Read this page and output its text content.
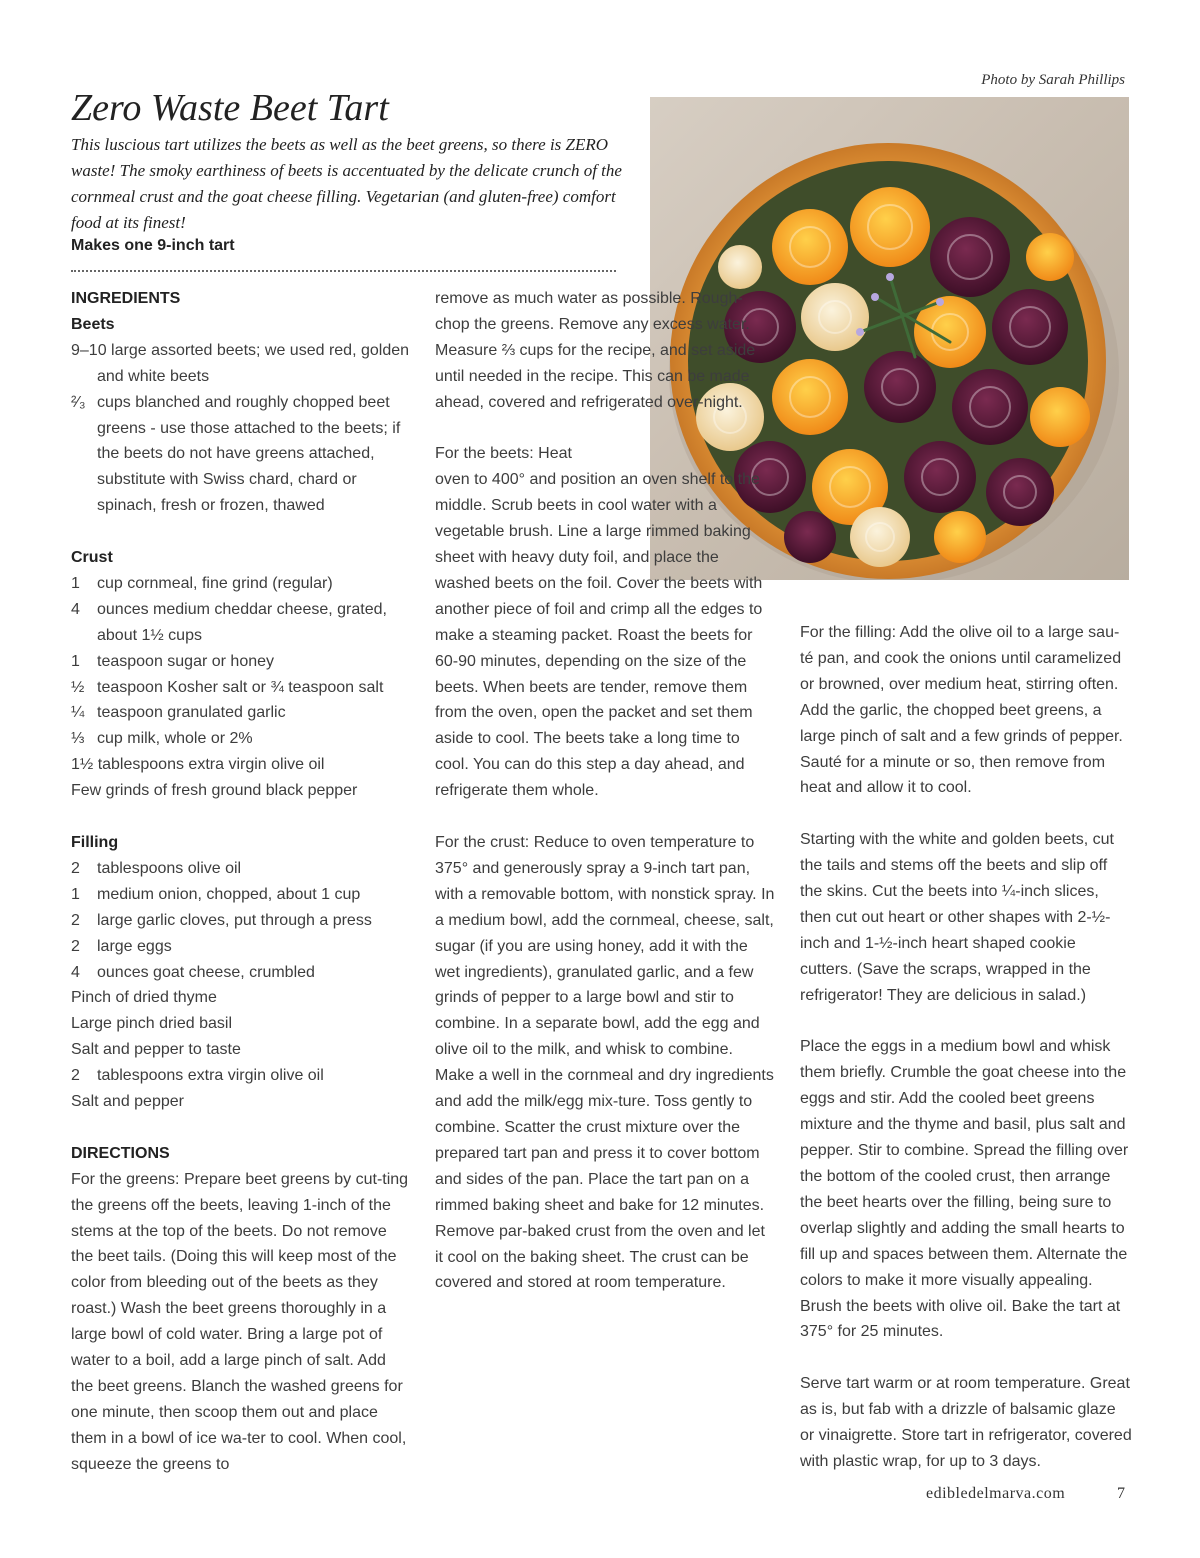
Photo by Sarah Phillips
Zero Waste Beet Tart

This luscious tart utilizes the beets as well as the beet greens, so there is ZERO waste! The smoky earthiness of beets is accentuated by the delicate crunch of the cornmeal crust and the goat cheese filling. Vegetarian (and gluten-free) comfort food at its finest!

Makes one 9-inch tart

INGREDIENTS

Beets

9–10 large assorted beets; we used red, golden and white beets

²⁄₃ cups blanched and roughly chopped beet greens - use those attached to the beets; if the beets do not have greens attached, substitute with Swiss chard, chard or spinach, fresh or frozen, thawed

Crust

1	cup cornmeal, fine grind (regular)
4	ounces medium cheddar cheese, grated, about 1½ cups
1	teaspoon sugar or honey
½ teaspoon Kosher salt or ¾ teaspoon salt
¼ teaspoon granulated garlic
⅓ cup milk, whole or 2%

1½ tablespoons extra virgin olive oil

Few grinds of fresh ground black pepper

Filling

2	tablespoons olive oil
1	medium onion, chopped, about 1 cup
2	large garlic cloves, put through a press
2	large eggs
4	ounces goat cheese, crumbled

Pinch of dried thyme

Large pinch dried basil

Salt and pepper to taste

2	tablespoons extra virgin olive oil

Salt and pepper

DIRECTIONS

For the greens: Prepare beet greens by cut-ting the greens off the beets, leaving 1-inch of the stems at the top of the beets. Do not remove the beet tails. (Doing this will keep most of the color from bleeding out of the beets as they roast.) Wash the beet greens thoroughly in a large bowl of cold water. Bring a large pot of water to a boil, add a large pinch of salt. Add the beet greens. Blanch the washed greens for one minute, then scoop them out and place them in a bowl of ice wa-ter to cool. When cool, squeeze the greens to

remove as much water as possible. Rough-chop the greens. Remove any excess water. Measure ⅔ cups for the recipe, and set aside until needed in the recipe. This can be made ahead, covered and refrigerated over-night.

For the beets: Heat

oven to 400° and position an oven shelf to the middle. Scrub beets in cool water with a vegetable brush. Line a large rimmed baking sheet with heavy duty foil, and place the washed beets on the foil. Cover the beets with another piece of foil and crimp all the edges to make a steaming packet. Roast the beets for 60-90 minutes, depending on the size of the beets. When beets are tender, remove them from the oven, open the packet and set them aside to cool. The beets take a long time to cool. You can do this step a day ahead, and refrigerate them whole.

For the crust: Reduce to oven temperature to 375° and generously spray a 9-inch tart pan, with a removable bottom, with nonstick spray. In a medium bowl, add the cornmeal, cheese, salt, sugar (if you are using honey, add it with the wet ingredients), granulated garlic, and a few grinds of pepper to a large bowl and stir to combine. In a separate bowl, add the egg and olive oil to the milk, and whisk to combine. Make a well in the cornmeal and dry ingredients and add the milk/egg mix-ture. Toss gently to combine. Scatter the crust mixture over the prepared tart pan and press it to cover bottom and sides of the pan. Place the tart pan on a rimmed baking sheet and bake for 12 minutes. Remove par-baked crust from the oven and let it cool on the baking sheet. The crust can be covered and stored at room temperature.

For the filling: Add the olive oil to a large sau-té pan, and cook the onions until caramelized or browned, over medium heat, stirring often. Add the garlic, the chopped beet greens, a large pinch of salt and a few grinds of pepper. Sauté for a minute or so, then remove from heat and allow it to cool.

Starting with the white and golden beets, cut the tails and stems off the beets and slip off the skins. Cut the beets into ¼-inch slices, then cut out heart or other shapes with 2-½-inch and 1-½-inch heart shaped cookie cutters. (Save the scraps, wrapped in the refrigerator! They are delicious in salad.)

Place the eggs in a medium bowl and whisk them briefly. Crumble the goat cheese into the eggs and stir. Add the cooled beet greens mixture and the thyme and basil, plus salt and pepper. Stir to combine. Spread the filling over the bottom of the cooled crust, then arrange the beet hearts over the filling, being sure to overlap slightly and adding the small hearts to fill up and spaces between them. Alternate the colors to make it more visually appealing. Brush the beets with olive oil. Bake the tart at 375° for 25 minutes.

Serve tart warm or at room temperature. Great as is, but fab with a drizzle of balsamic glaze or vinaigrette. Store tart in refrigerator, covered with plastic wrap, for up to 3 days.

edibledelmarva.com	7
